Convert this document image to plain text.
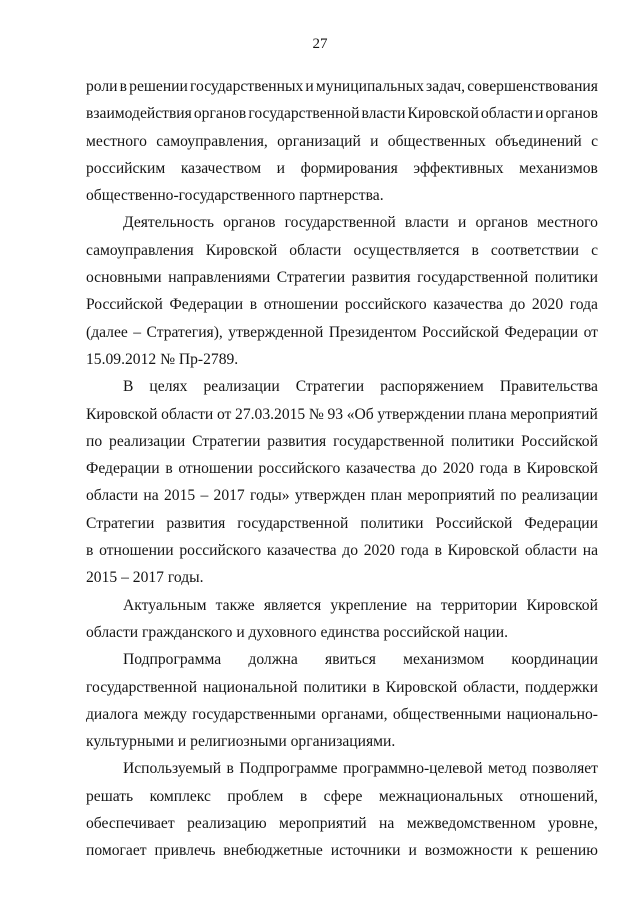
27

роли в решении государственных и муниципальных задач, совершенствования
взаимодействия органов государственной власти Кировской области и органов
местного самоуправления, организаций и общественных объединений с
российским казачеством и формирования эффективных механизмов
общественно-государственного партнерства.

Деятельность органов государственной власти и органов местного
самоуправления Кировской области осуществляется в соответствии с
основными направлениями Стратегии развития государственной политики
Российской Федерации в отношении российского казачества до 2020 года
(далее – Стратегия), утвержденной Президентом Российской Федерации от
15.09.2012 № Пр-2789.

В целях реализации Стратегии распоряжением Правительства
Кировской области от 27.03.2015 № 93 «Об утверждении плана мероприятий
по реализации Стратегии развития государственной политики Российской
Федерации в отношении российского казачества до 2020 года в Кировской
области на 2015 – 2017 годы» утвержден план мероприятий по реализации
Стратегии развития государственной политики Российской Федерации
в отношении российского казачества до 2020 года в Кировской области на
2015 – 2017 годы.

Актуальным также является укрепление на территории Кировской
области гражданского и духовного единства российской нации.

Подпрограмма должна явиться механизмом координации
государственной национальной политики в Кировской области, поддержки
диалога между государственными органами, общественными национально-
культурными и религиозными организациями.

Используемый в Подпрограмме программно-целевой метод позволяет
решать комплекс проблем в сфере межнациональных отношений,
обеспечивает реализацию мероприятий на межведомственном уровне,
помогает привлечь внебюджетные источники и возможности к решению
